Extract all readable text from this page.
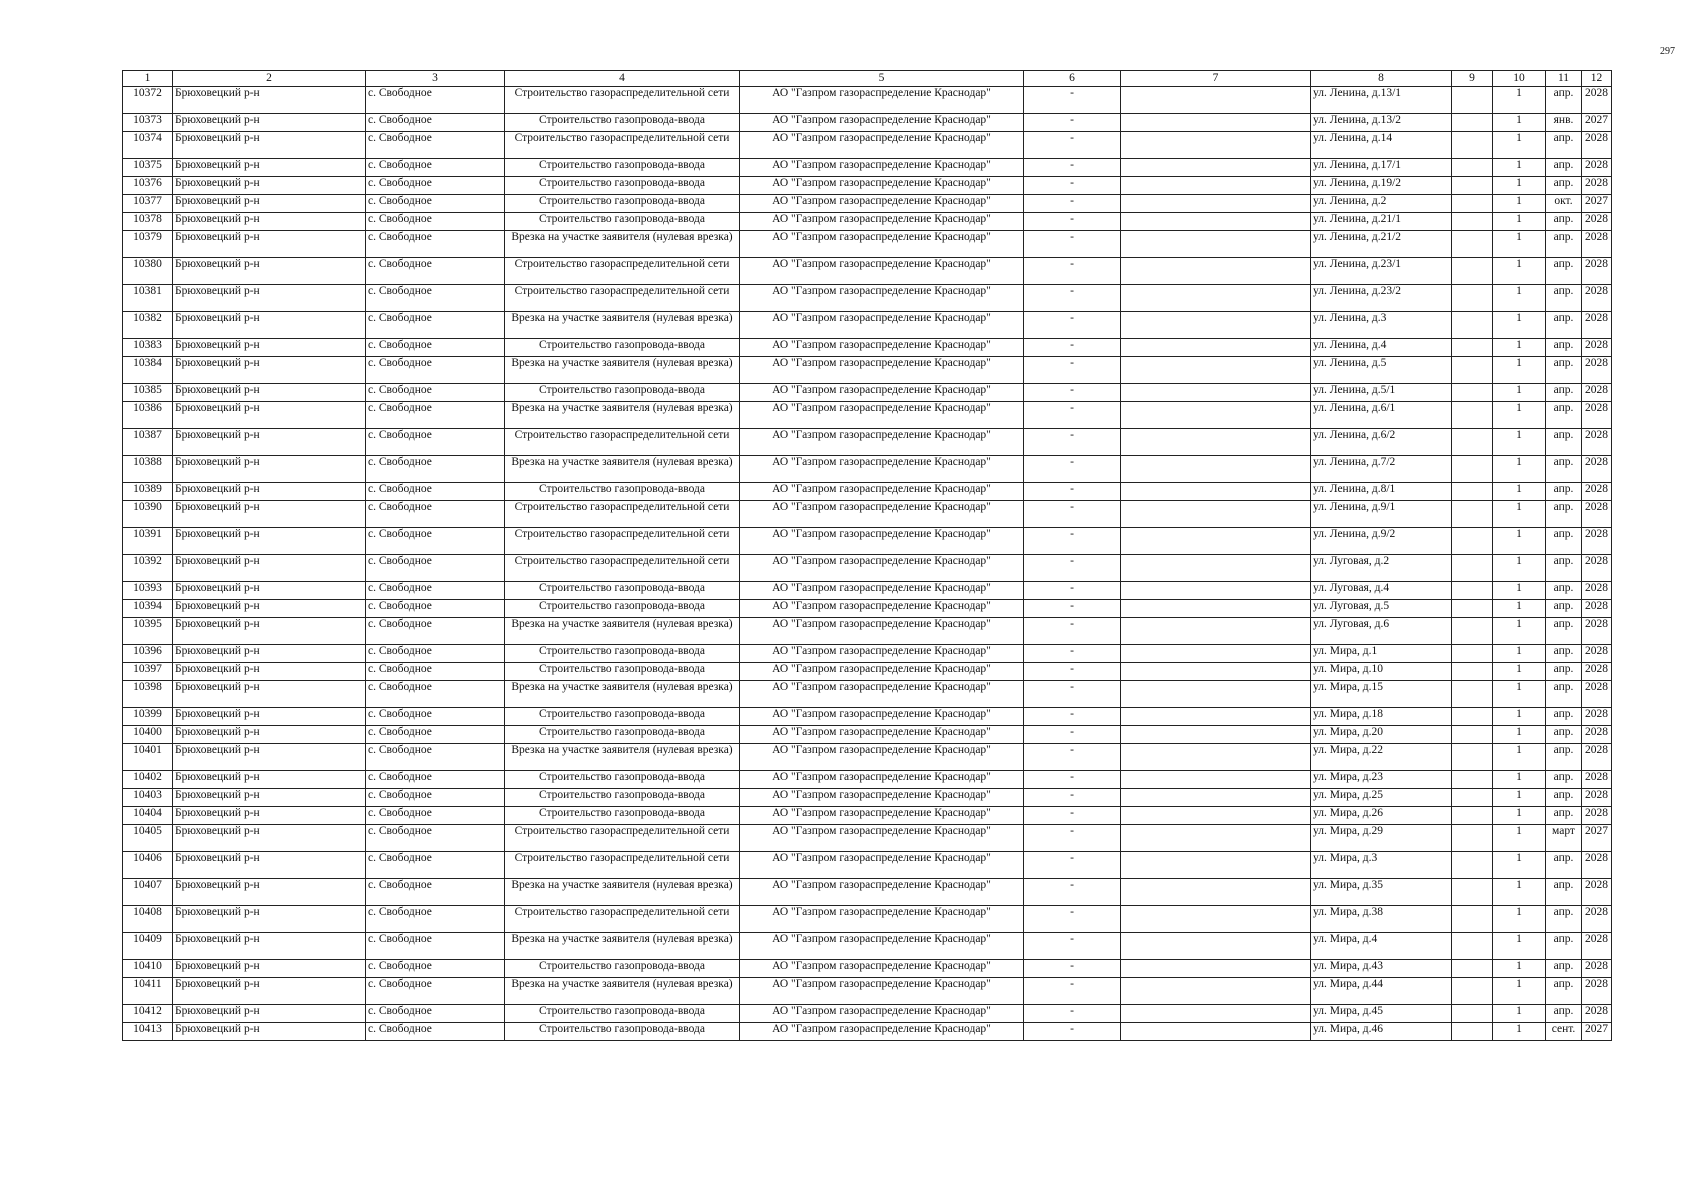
297
1	2	3	4	5	6	7	8	9	10	11	12
10372	Брюховецкий р-н	с. Свободное	Строительство газораспределительной сети	АО "Газпром газораспределение Краснодар"	-		ул. Ленина, д.13/1		1	апр.	2028
10373	Брюховецкий р-н	с. Свободное	Строительство газопровода-ввода	АО "Газпром газораспределение Краснодар"	-		ул. Ленина, д.13/2		1	янв.	2027
10374	Брюховецкий р-н	с. Свободное	Строительство газораспределительной сети	АО "Газпром газораспределение Краснодар"	-		ул. Ленина, д.14		1	апр.	2028
10375	Брюховецкий р-н	с. Свободное	Строительство газопровода-ввода	АО "Газпром газораспределение Краснодар"	-		ул. Ленина, д.17/1		1	апр.	2028
10376	Брюховецкий р-н	с. Свободное	Строительство газопровода-ввода	АО "Газпром газораспределение Краснодар"	-		ул. Ленина, д.19/2		1	апр.	2028
10377	Брюховецкий р-н	с. Свободное	Строительство газопровода-ввода	АО "Газпром газораспределение Краснодар"	-		ул. Ленина, д.2		1	окт.	2027
10378	Брюховецкий р-н	с. Свободное	Строительство газопровода-ввода	АО "Газпром газораспределение Краснодар"	-		ул. Ленина, д.21/1		1	апр.	2028
10379	Брюховецкий р-н	с. Свободное	Врезка на участке заявителя (нулевая врезка)	АО "Газпром газораспределение Краснодар"	-		ул. Ленина, д.21/2		1	апр.	2028
10380	Брюховецкий р-н	с. Свободное	Строительство газораспределительной сети	АО "Газпром газораспределение Краснодар"	-		ул. Ленина, д.23/1		1	апр.	2028
10381	Брюховецкий р-н	с. Свободное	Строительство газораспределительной сети	АО "Газпром газораспределение Краснодар"	-		ул. Ленина, д.23/2		1	апр.	2028
10382	Брюховецкий р-н	с. Свободное	Врезка на участке заявителя (нулевая врезка)	АО "Газпром газораспределение Краснодар"	-		ул. Ленина, д.3		1	апр.	2028
10383	Брюховецкий р-н	с. Свободное	Строительство газопровода-ввода	АО "Газпром газораспределение Краснодар"	-		ул. Ленина, д.4		1	апр.	2028
10384	Брюховецкий р-н	с. Свободное	Врезка на участке заявителя (нулевая врезка)	АО "Газпром газораспределение Краснодар"	-		ул. Ленина, д.5		1	апр.	2028
10385	Брюховецкий р-н	с. Свободное	Строительство газопровода-ввода	АО "Газпром газораспределение Краснодар"	-		ул. Ленина, д.5/1		1	апр.	2028
10386	Брюховецкий р-н	с. Свободное	Врезка на участке заявителя (нулевая врезка)	АО "Газпром газораспределение Краснодар"	-		ул. Ленина, д.6/1		1	апр.	2028
10387	Брюховецкий р-н	с. Свободное	Строительство газораспределительной сети	АО "Газпром газораспределение Краснодар"	-		ул. Ленина, д.6/2		1	апр.	2028
10388	Брюховецкий р-н	с. Свободное	Врезка на участке заявителя (нулевая врезка)	АО "Газпром газораспределение Краснодар"	-		ул. Ленина, д.7/2		1	апр.	2028
10389	Брюховецкий р-н	с. Свободное	Строительство газопровода-ввода	АО "Газпром газораспределение Краснодар"	-		ул. Ленина, д.8/1		1	апр.	2028
10390	Брюховецкий р-н	с. Свободное	Строительство газораспределительной сети	АО "Газпром газораспределение Краснодар"	-		ул. Ленина, д.9/1		1	апр.	2028
10391	Брюховецкий р-н	с. Свободное	Строительство газораспределительной сети	АО "Газпром газораспределение Краснодар"	-		ул. Ленина, д.9/2		1	апр.	2028
10392	Брюховецкий р-н	с. Свободное	Строительство газораспределительной сети	АО "Газпром газораспределение Краснодар"	-		ул. Луговая, д.2		1	апр.	2028
10393	Брюховецкий р-н	с. Свободное	Строительство газопровода-ввода	АО "Газпром газораспределение Краснодар"	-		ул. Луговая, д.4		1	апр.	2028
10394	Брюховецкий р-н	с. Свободное	Строительство газопровода-ввода	АО "Газпром газораспределение Краснодар"	-		ул. Луговая, д.5		1	апр.	2028
10395	Брюховецкий р-н	с. Свободное	Врезка на участке заявителя (нулевая врезка)	АО "Газпром газораспределение Краснодар"	-		ул. Луговая, д.6		1	апр.	2028
10396	Брюховецкий р-н	с. Свободное	Строительство газопровода-ввода	АО "Газпром газораспределение Краснодар"	-		ул. Мира, д.1		1	апр.	2028
10397	Брюховецкий р-н	с. Свободное	Строительство газопровода-ввода	АО "Газпром газораспределение Краснодар"	-		ул. Мира, д.10		1	апр.	2028
10398	Брюховецкий р-н	с. Свободное	Врезка на участке заявителя (нулевая врезка)	АО "Газпром газораспределение Краснодар"	-		ул. Мира, д.15		1	апр.	2028
10399	Брюховецкий р-н	с. Свободное	Строительство газопровода-ввода	АО "Газпром газораспределение Краснодар"	-		ул. Мира, д.18		1	апр.	2028
10400	Брюховецкий р-н	с. Свободное	Строительство газопровода-ввода	АО "Газпром газораспределение Краснодар"	-		ул. Мира, д.20		1	апр.	2028
10401	Брюховецкий р-н	с. Свободное	Врезка на участке заявителя (нулевая врезка)	АО "Газпром газораспределение Краснодар"	-		ул. Мира, д.22		1	апр.	2028
10402	Брюховецкий р-н	с. Свободное	Строительство газопровода-ввода	АО "Газпром газораспределение Краснодар"	-		ул. Мира, д.23		1	апр.	2028
10403	Брюховецкий р-н	с. Свободное	Строительство газопровода-ввода	АО "Газпром газораспределение Краснодар"	-		ул. Мира, д.25		1	апр.	2028
10404	Брюховецкий р-н	с. Свободное	Строительство газопровода-ввода	АО "Газпром газораспределение Краснодар"	-		ул. Мира, д.26		1	апр.	2028
10405	Брюховецкий р-н	с. Свободное	Строительство газораспределительной сети	АО "Газпром газораспределение Краснодар"	-		ул. Мира, д.29		1	март	2027
10406	Брюховецкий р-н	с. Свободное	Строительство газораспределительной сети	АО "Газпром газораспределение Краснодар"	-		ул. Мира, д.3		1	апр.	2028
10407	Брюховецкий р-н	с. Свободное	Врезка на участке заявителя (нулевая врезка)	АО "Газпром газораспределение Краснодар"	-		ул. Мира, д.35		1	апр.	2028
10408	Брюховецкий р-н	с. Свободное	Строительство газораспределительной сети	АО "Газпром газораспределение Краснодар"	-		ул. Мира, д.38		1	апр.	2028
10409	Брюховецкий р-н	с. Свободное	Врезка на участке заявителя (нулевая врезка)	АО "Газпром газораспределение Краснодар"	-		ул. Мира, д.4		1	апр.	2028
10410	Брюховецкий р-н	с. Свободное	Строительство газопровода-ввода	АО "Газпром газораспределение Краснодар"	-		ул. Мира, д.43		1	апр.	2028
10411	Брюховецкий р-н	с. Свободное	Врезка на участке заявителя (нулевая врезка)	АО "Газпром газораспределение Краснодар"	-		ул. Мира, д.44		1	апр.	2028
10412	Брюховецкий р-н	с. Свободное	Строительство газопровода-ввода	АО "Газпром газораспределение Краснодар"	-		ул. Мира, д.45		1	апр.	2028
10413	Брюховецкий р-н	с. Свободное	Строительство газопровода-ввода	АО "Газпром газораспределение Краснодар"	-		ул. Мира, д.46		1	сент.	2027
